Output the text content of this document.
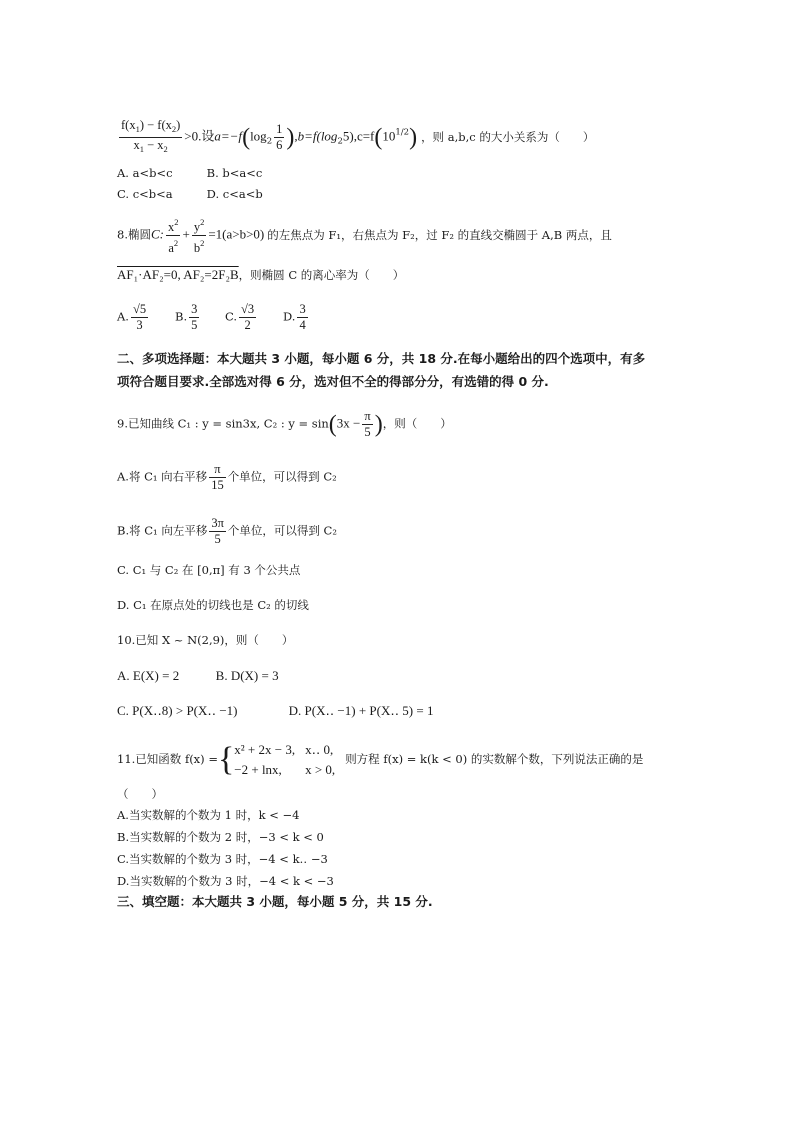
$\frac{f(x_1) - f(x_2)}{x_1 - x_2} >0$.设$a=-f(\log_2 \frac{1}{6} ),b=f(\log_25),c=f(10^{1/2})$ ，则 a,b,c 的大小关系为（　　）
A. a<b<c	B. b<a<c
C. c<b<a	D. c<a<b
8.椭圆C: $\frac{x^2}{a^2} + \frac{y^2}{b^2} =1(a>b>0)$ 的左焦点为 F₁，右焦点为 F₂，过 F₂ 的直线交椭圆于 A,B 两点，且
AF₁·AF₂=0, AF₂=2F₂B，则椭圆 C 的离心率为（　　）
A. $\frac{√5}{3} B$. $\frac{3}{5} C$. $\frac{√3}{2} D$. $\frac{3}{4}$
二、多项选择题：本大题共 3 小题，每小题 6 分，共 18 分.在每小题给出的四个选项中，有多
项符合题目要求.全部选对得 6 分，选对但不全的得部分分，有选错的得 0 分.
9.已知曲线 C₁ : y = sin3x, C₂ : $y = \sin(3x - \frac{\pi}{5}$ )，则（　　）
A.将 C₁ 向右平移 $\frac{\pi}{15}$ 个单位，可以得到 C₂
B.将 C₁ 向左平移 $\frac{3\pi}{5}$ 个单位，可以得到 C₂
C. C₁ 与 C₂ 在 [0,π] 有 3 个公共点
D. C₁ 在原点处的切线也是 C₂ 的切线
10.已知 X ~ N(2,9)，则（　　）
A. E(X) = 2	B. D(X) = 3
C. P(X‥8) > P(X‥ −1)	D. P(X‥ −1) + P(X‥ 5) = 1
11.已知函数 f(x) ={ x² + 2x − 3,	x‥ 0,
−2 + lnx,	x > 0,则方程 f(x) = k(k < 0) 的实数解个数，下列说法正确的是
（　　）
A.当实数解的个数为 1 时，k < −4
B.当实数解的个数为 2 时，−3 < k < 0
C.当实数解的个数为 3 时，−4 < k‥ −3
D.当实数解的个数为 3 时，−4 < k < −3
三、填空题：本大题共 3 小题，每小题 5 分，共 15 分.
